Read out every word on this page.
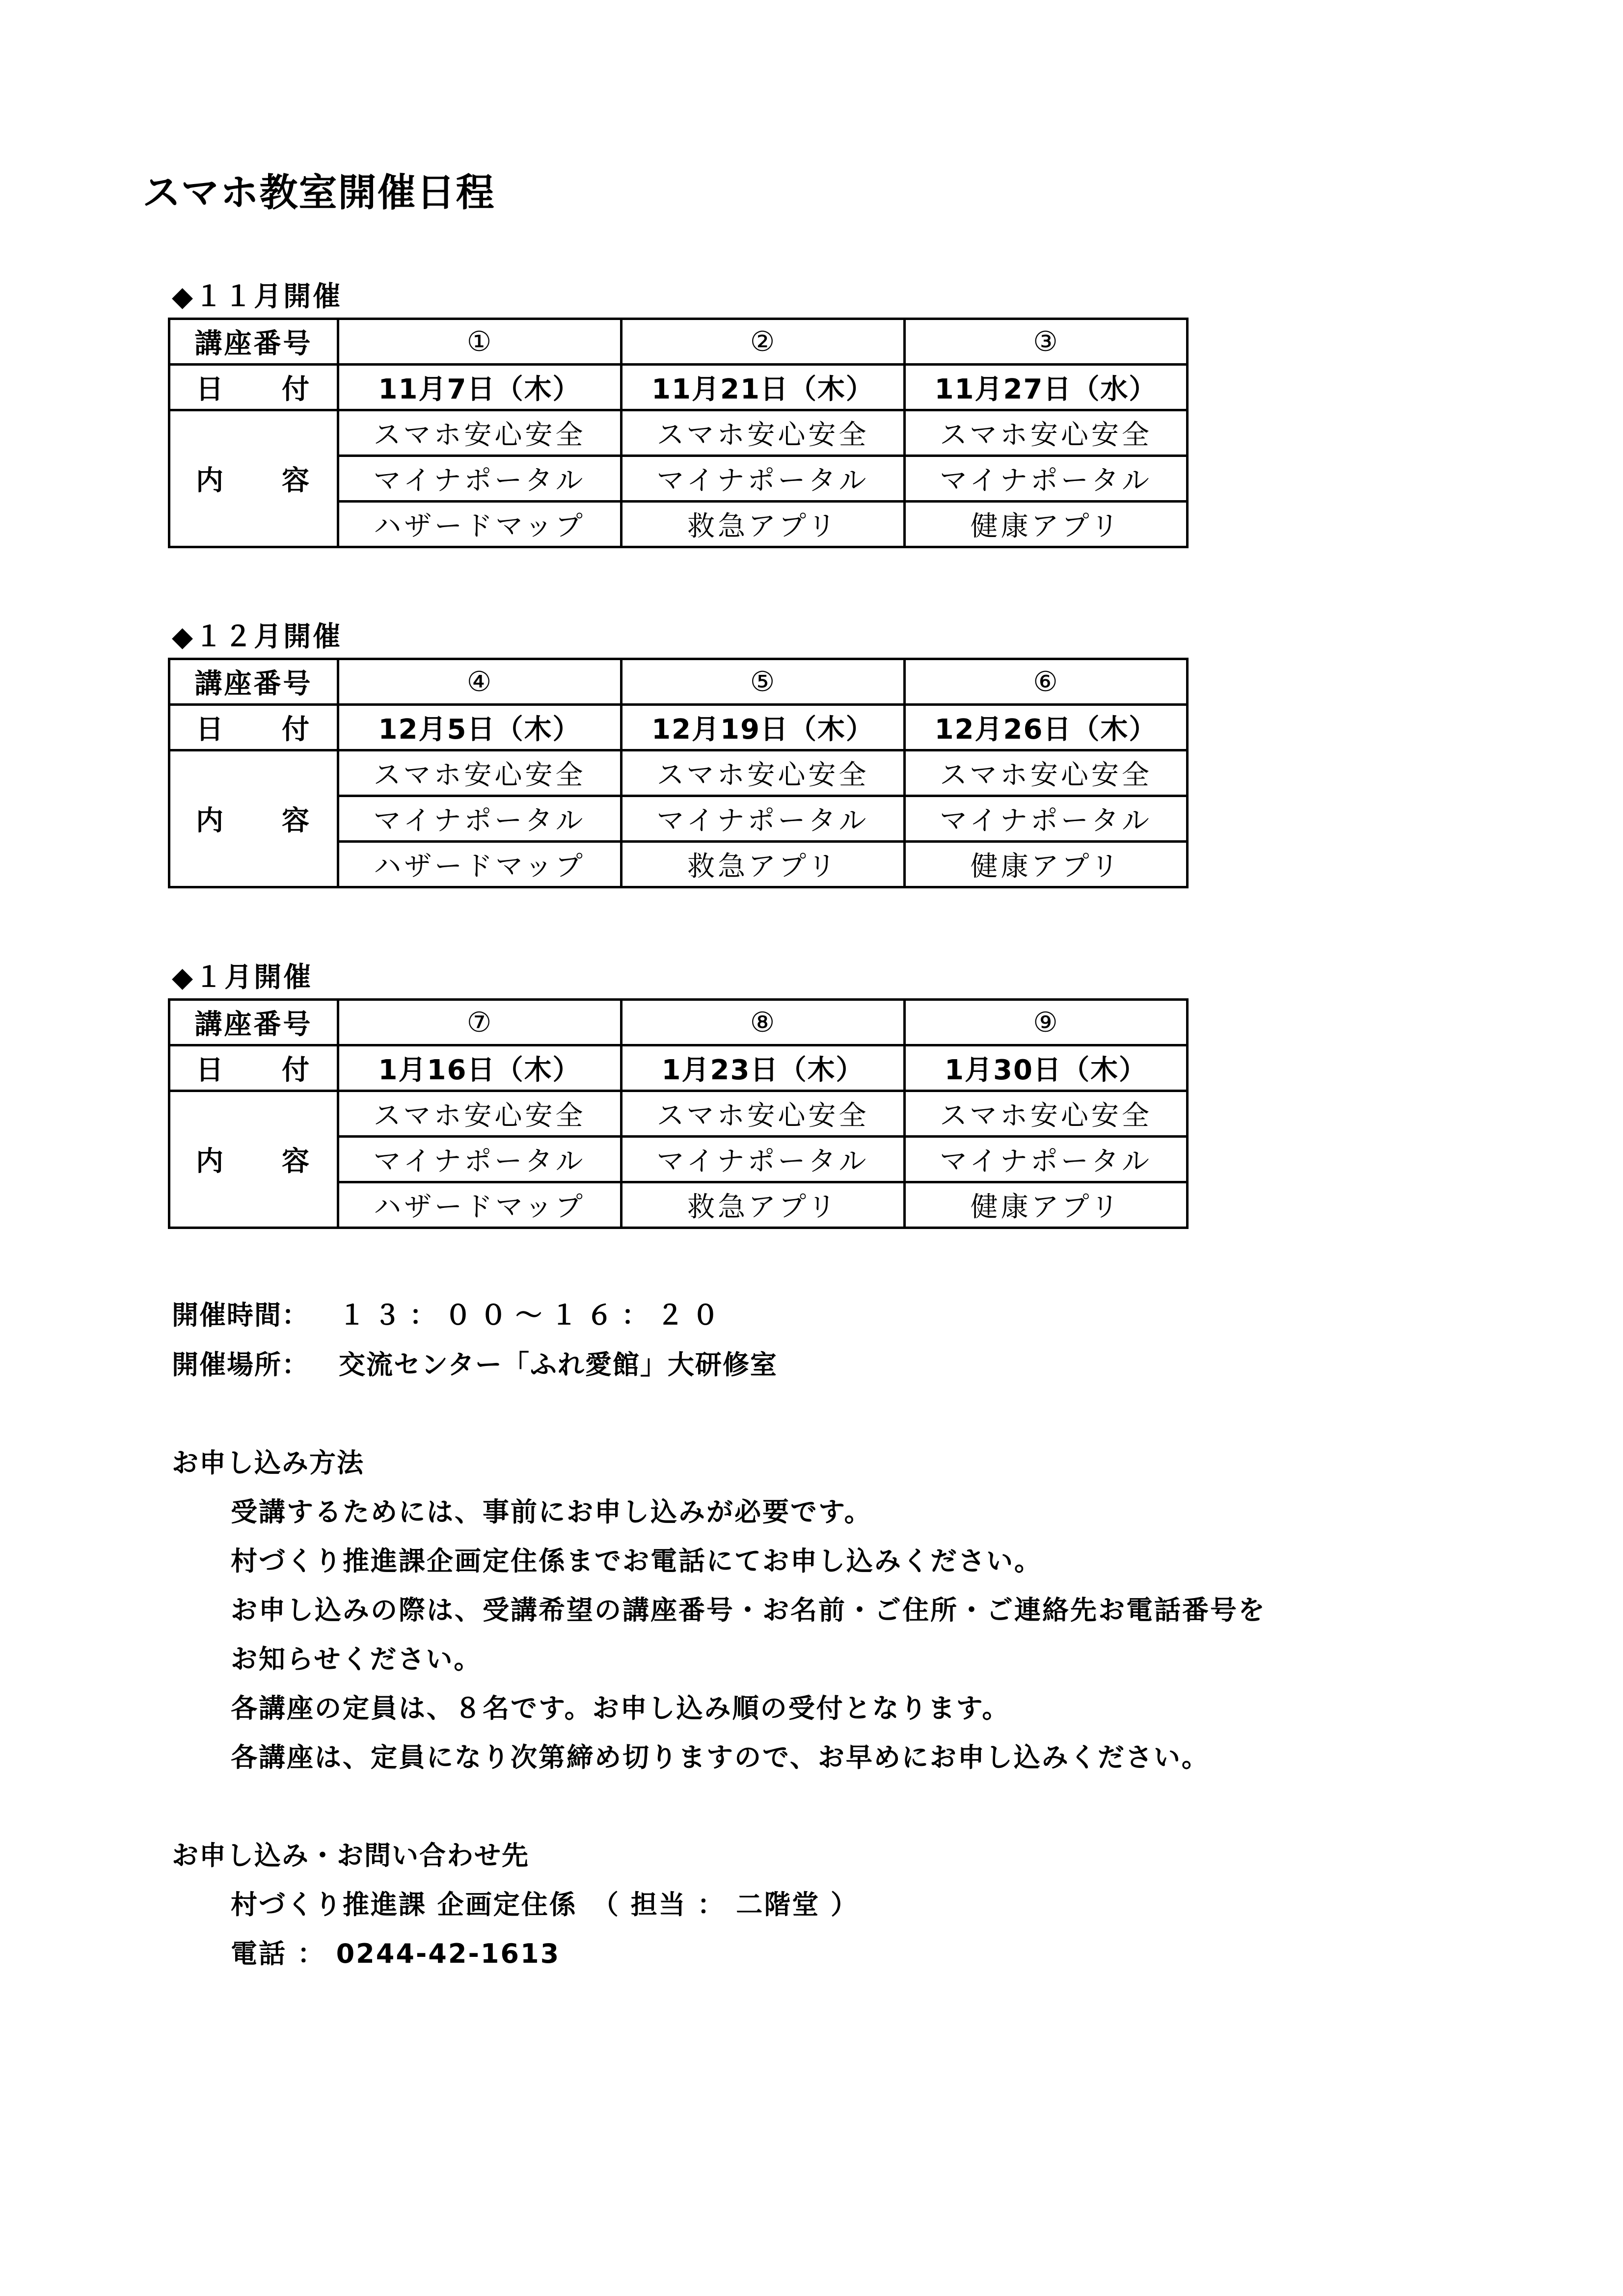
スマホ教室開催日程
◆１１月開催
講座番号	①	②	③
日 付	11月7日（木）	11月21日（木）	11月27日（水）
内 容	スマホ安心安全	スマホ安心安全	スマホ安心安全
	マイナポータル	マイナポータル	マイナポータル
	ハザードマップ	救急アプリ	健康アプリ
◆１２月開催
講座番号	④	⑤	⑥
日 付	12月5日（木）	12月19日（木）	12月26日（木）
内 容	スマホ安心安全	スマホ安心安全	スマホ安心安全
	マイナポータル	マイナポータル	マイナポータル
	ハザードマップ	救急アプリ	健康アプリ
◆１月開催
講座番号	⑦	⑧	⑨
日 付	1月16日（木）	1月23日（木）	1月30日（木）
内 容	スマホ安心安全	スマホ安心安全	スマホ安心安全
	マイナポータル	マイナポータル	マイナポータル
	ハザードマップ	救急アプリ	健康アプリ
開催時間： １３：００～１６：２０
開催場所： 交流センター「ふれ愛館」大研修室
お申し込み方法
受講するためには、事前にお申し込みが必要です。
村づくり推進課企画定住係までお電話にてお申し込みください。
お申し込みの際は、受講希望の講座番号・お名前・ご住所・ご連絡先お電話番号を
お知らせください。
各講座の定員は、８名です。お申し込み順の受付となります。
各講座は、定員になり次第締め切りますので、お早めにお申し込みください。
お申し込み・お問い合わせ先
村づくり推進課 企画定住係　（ 担当 ： 二階堂 ）
電話 ： 0244-42-1613
